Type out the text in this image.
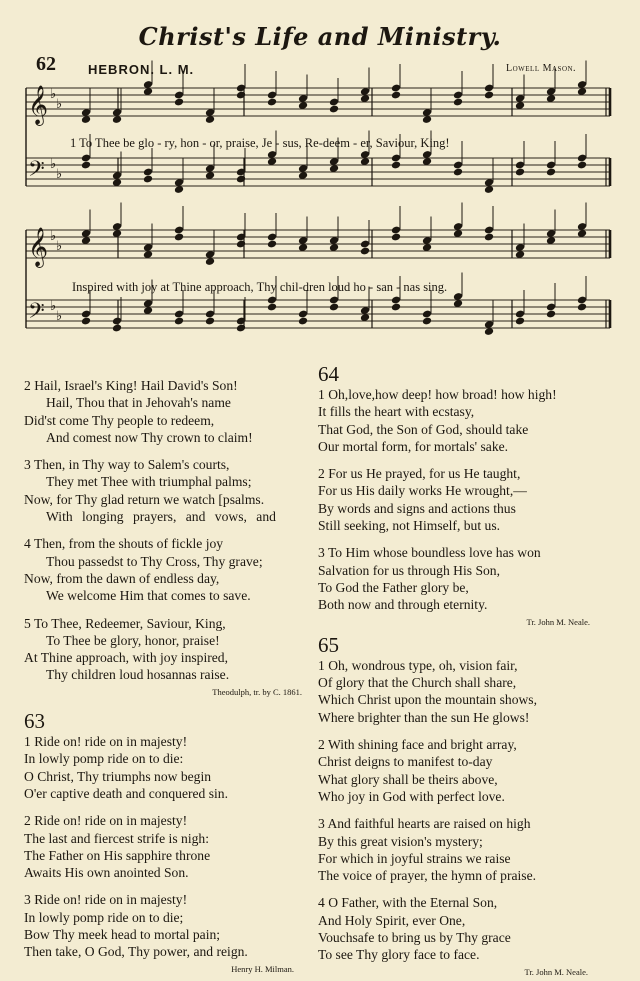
Christ's Life and Ministry.
62 HEBRON. L. M.	Lowell Mason.
𝄞 ♭
♭
𝄢 ♭
♭
1 To Thee be glo - ry, hon - or, praise, Je - sus, Re-deem - er, Saviour, King!
𝄞 ♭
♭
𝄢 ♭
♭
Inspired with joy at Thine approach, Thy chil-dren loud ho - san - nas sing.
2 Hail, Israel's King! Hail David's Son!
Hail, Thou that in Jehovah's name
Did'st come Thy people to redeem,
And comest now Thy crown to claim!
3 Then, in Thy way to Salem's courts,
They met Thee with triumphal palms;
Now, for Thy glad return we watch [psalms.
With longing prayers, and vows, and
4 Then, from the shouts of fickle joy
Thou passedst to Thy Cross, Thy grave;
Now, from the dawn of endless day,
We welcome Him that comes to save.
5 To Thee, Redeemer, Saviour, King,
To Thee be glory, honor, praise!
At Thine approach, with joy inspired,
Thy children loud hosannas raise.
Theodulph, tr. by C. 1861.
63
1 Ride on! ride on in majesty!
In lowly pomp ride on to die:
O Christ, Thy triumphs now begin
O'er captive death and conquered sin.
2 Ride on! ride on in majesty!
The last and fiercest strife is nigh:
The Father on His sapphire throne
Awaits His own anointed Son.
3 Ride on! ride on in majesty!
In lowly pomp ride on to die;
Bow Thy meek head to mortal pain;
Then take, O God, Thy power, and reign.
Henry H. Milman.
64
1 Oh,love,how deep! how broad! how high!
It fills the heart with ecstasy,
That God, the Son of God, should take
Our mortal form, for mortals' sake.
2 For us He prayed, for us He taught,
For us His daily works He wrought,—
By words and signs and actions thus
Still seeking, not Himself, but us.
3 To Him whose boundless love has won
Salvation for us through His Son,
To God the Father glory be,
Both now and through eternity.
Tr. John M. Neale.
65
1 Oh, wondrous type, oh, vision fair,
Of glory that the Church shall share,
Which Christ upon the mountain shows,
Where brighter than the sun He glows!
2 With shining face and bright array,
Christ deigns to manifest to-day
What glory shall be theirs above,
Who joy in God with perfect love.
3 And faithful hearts are raised on high
By this great vision's mystery;
For which in joyful strains we raise
The voice of prayer, the hymn of praise.
4 O Father, with the Eternal Son,
And Holy Spirit, ever One,
Vouchsafe to bring us by Thy grace
To see Thy glory face to face.
Tr. John M. Neale.
